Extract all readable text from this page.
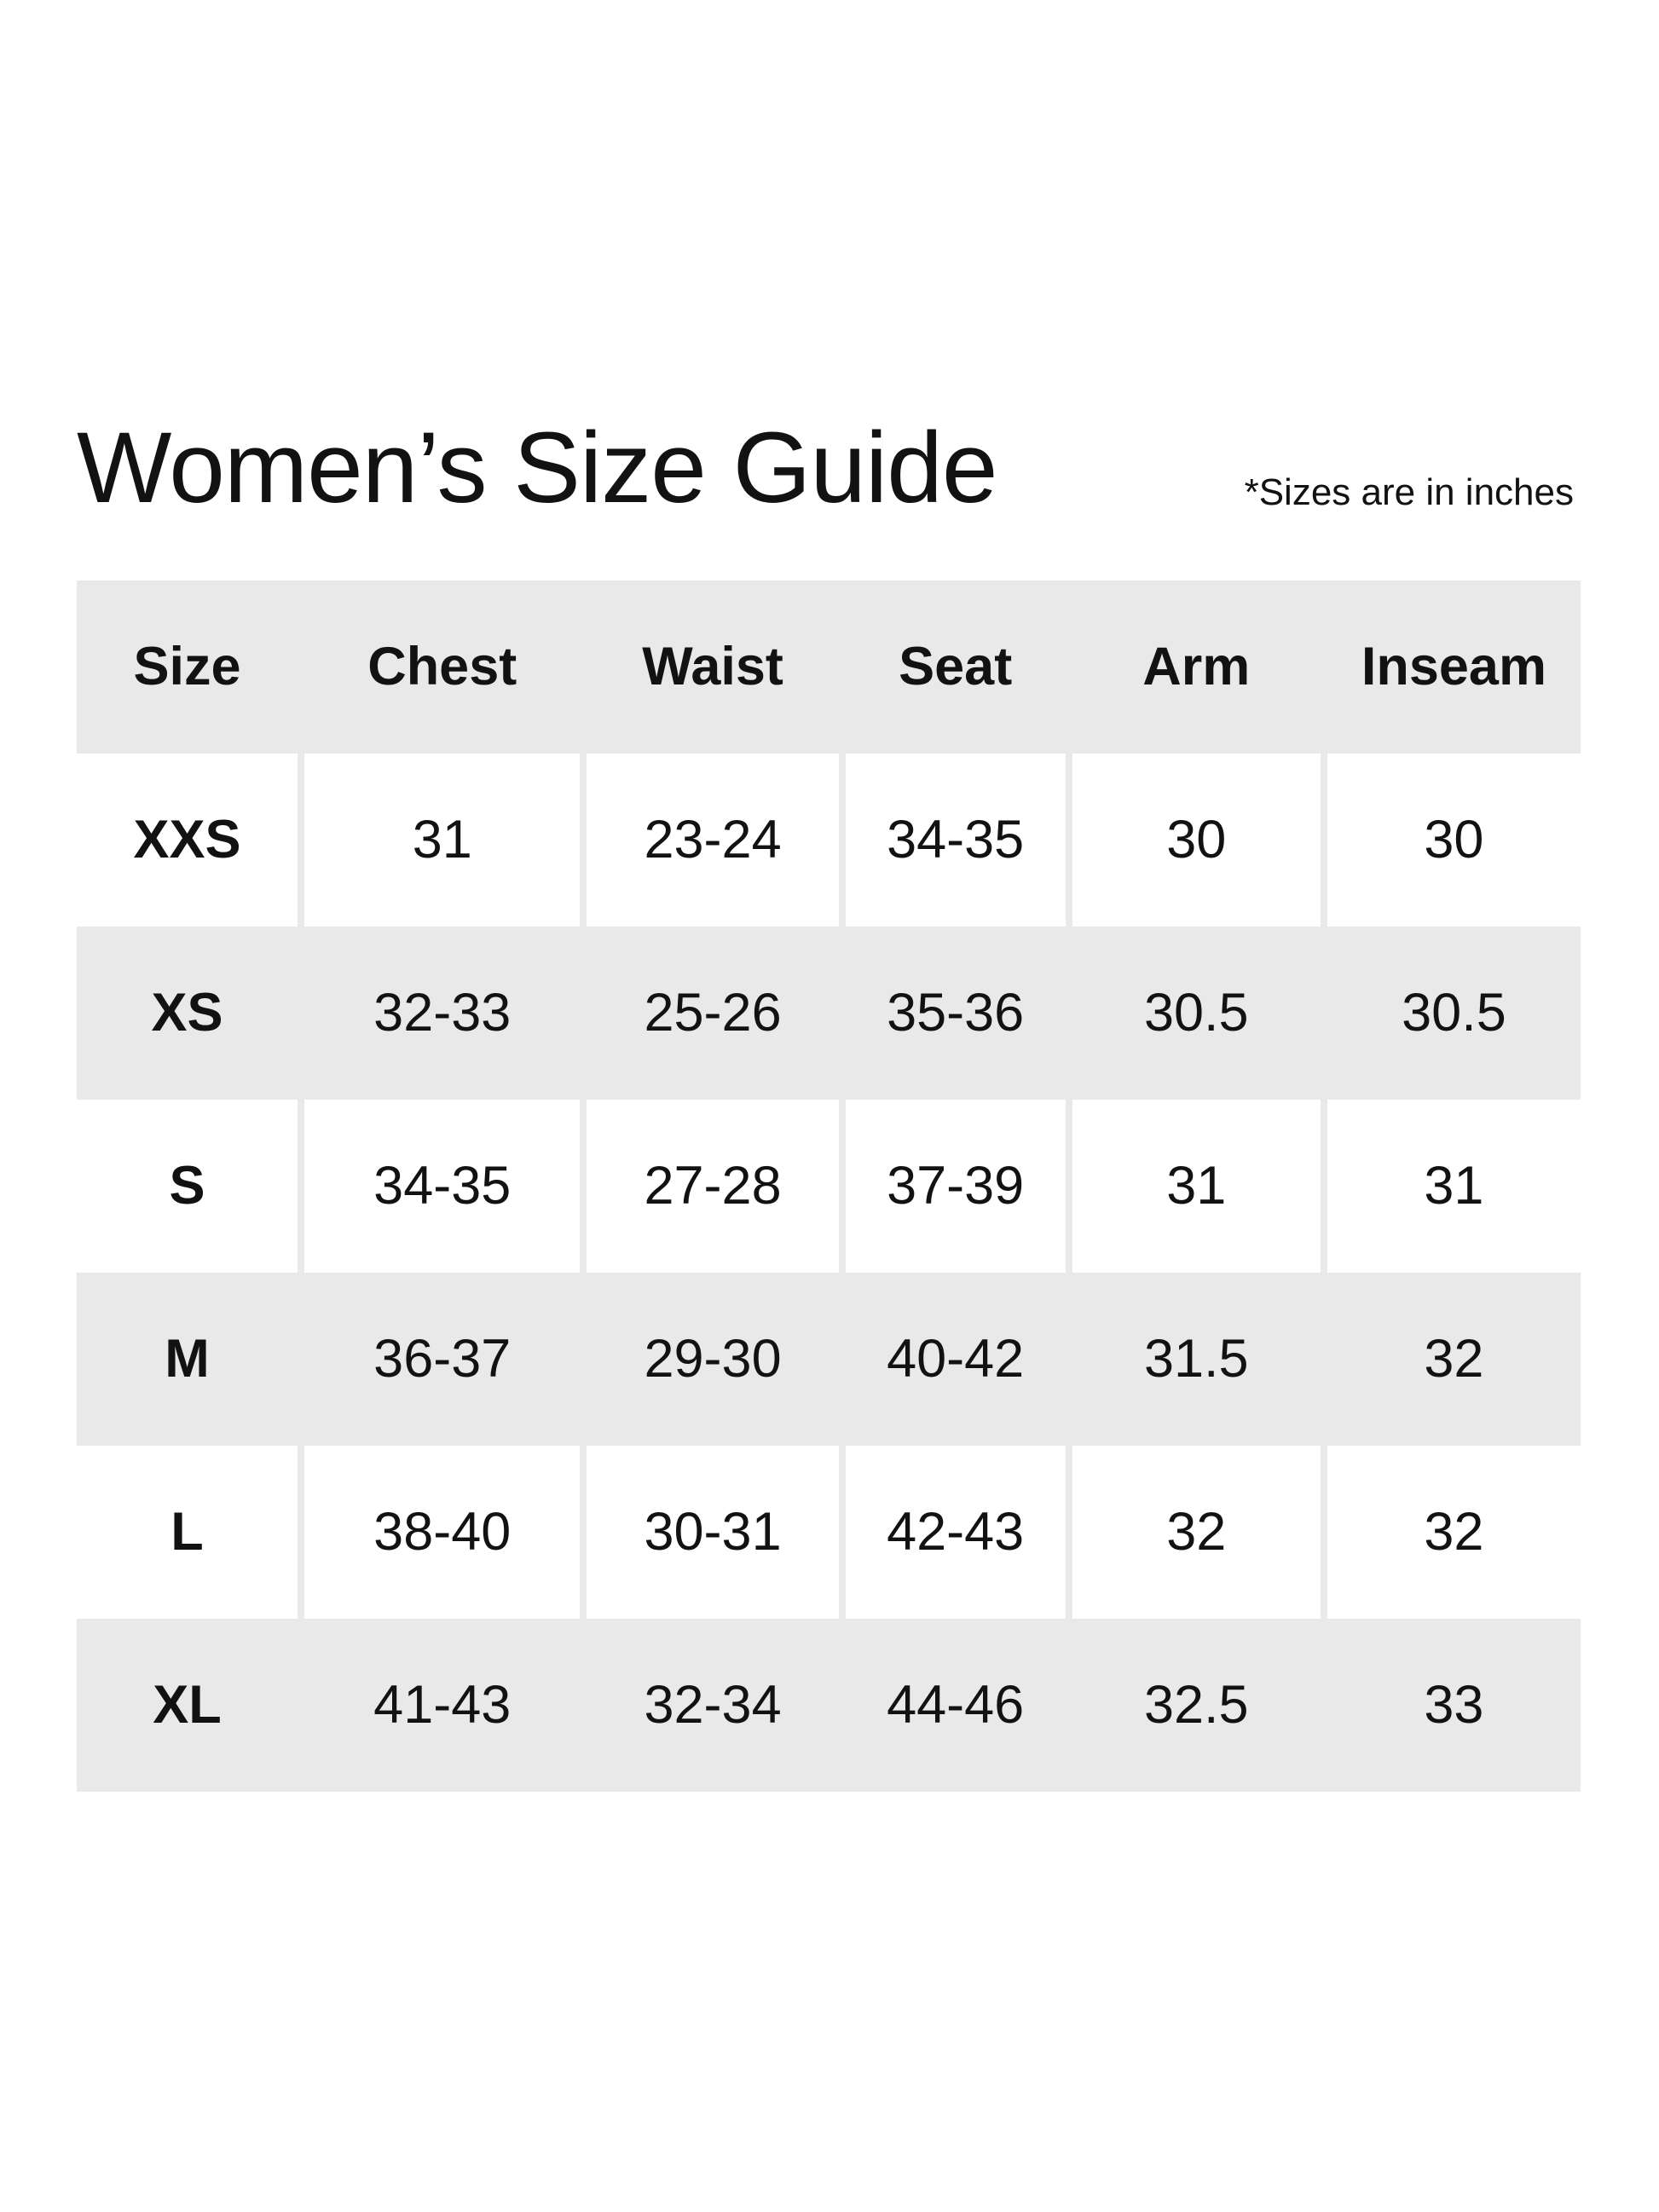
Women’s Size Guide	*Sizes are in inches
Size	Chest	Waist	Seat	Arm	Inseam
XXS	31	23-24	34-35	30	30
XS	32-33	25-26	35-36	30.5	30.5
S	34-35	27-28	37-39	31	31
M	36-37	29-30	40-42	31.5	32
L	38-40	30-31	42-43	32	32
XL	41-43	32-34	44-46	32.5	33
